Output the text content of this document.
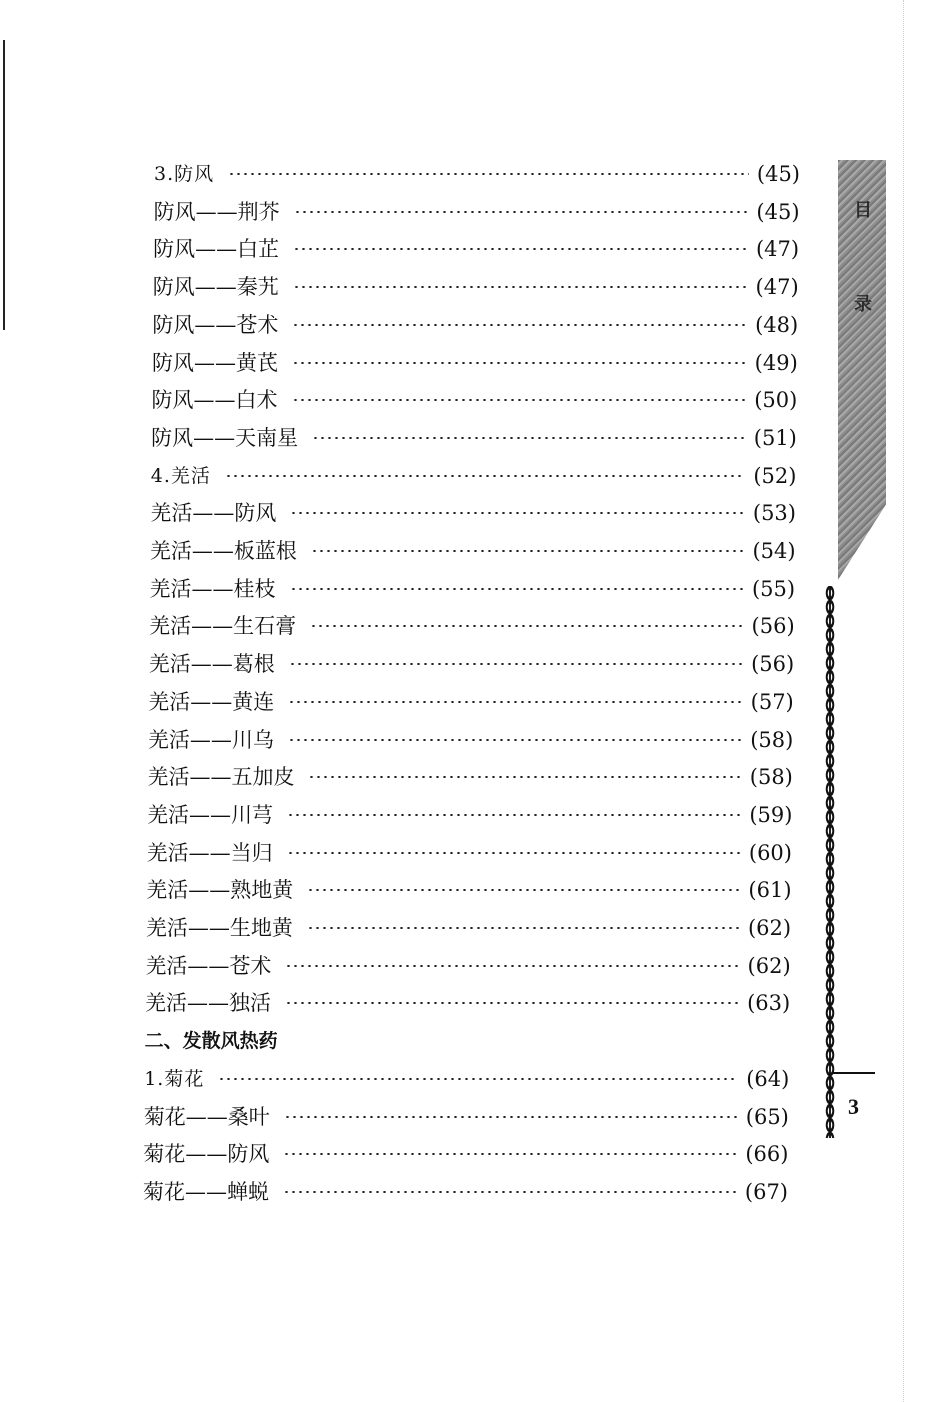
目
录
3
3.防风	(45)
防风——荆芥	(45)
防风——白芷	(47)
防风——秦艽	(47)
防风——苍术	(48)
防风——黄芪	(49)
防风——白术	(50)
防风——天南星	(51)
4.羌活	(52)
羌活——防风	(53)
羌活——板蓝根	(54)
羌活——桂枝	(55)
羌活——生石膏	(56)
羌活——葛根	(56)
羌活——黄连	(57)
羌活——川乌	(58)
羌活——五加皮	(58)
羌活——川芎	(59)
羌活——当归	(60)
羌活——熟地黄	(61)
羌活——生地黄	(62)
羌活——苍术	(62)
羌活——独活	(63)
二、发散风热药
1.菊花	(64)
菊花——桑叶	(65)
菊花——防风	(66)
菊花——蝉蜕	(67)
